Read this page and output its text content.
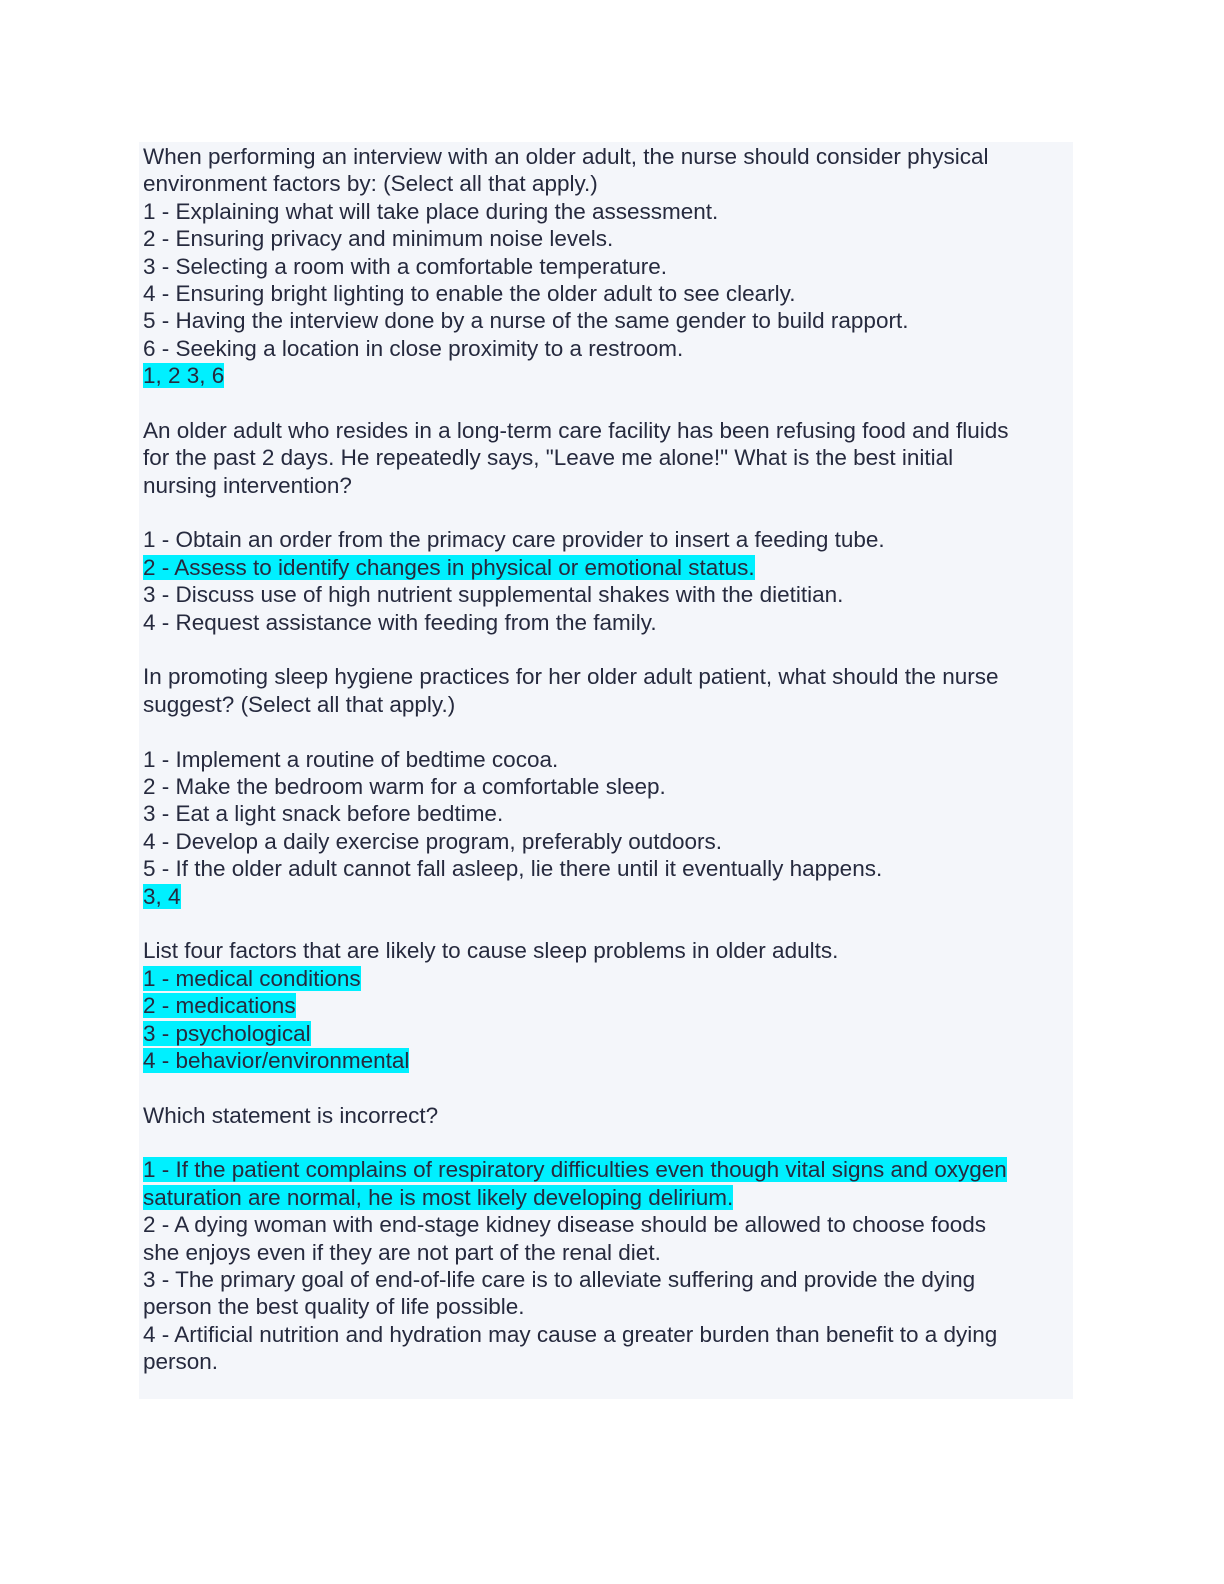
When performing an interview with an older adult, the nurse should consider physical
environment factors by: (Select all that apply.)
1 - Explaining what will take place during the assessment.
2 - Ensuring privacy and minimum noise levels.
3 - Selecting a room with a comfortable temperature.
4 - Ensuring bright lighting to enable the older adult to see clearly.
5 - Having the interview done by a nurse of the same gender to build rapport.
6 - Seeking a location in close proximity to a restroom.
1, 2 3, 6
An older adult who resides in a long-term care facility has been refusing food and fluids
for the past 2 days. He repeatedly says, "Leave me alone!" What is the best initial
nursing intervention?
1 - Obtain an order from the primacy care provider to insert a feeding tube.
2 - Assess to identify changes in physical or emotional status.
3 - Discuss use of high nutrient supplemental shakes with the dietitian.
4 - Request assistance with feeding from the family.
In promoting sleep hygiene practices for her older adult patient, what should the nurse
suggest? (Select all that apply.)
1 - Implement a routine of bedtime cocoa.
2 - Make the bedroom warm for a comfortable sleep.
3 - Eat a light snack before bedtime.
4 - Develop a daily exercise program, preferably outdoors.
5 - If the older adult cannot fall asleep, lie there until it eventually happens.
3, 4
List four factors that are likely to cause sleep problems in older adults.
1 - medical conditions
2 - medications
3 - psychological
4 - behavior/environmental
Which statement is incorrect?
1 - If the patient complains of respiratory difficulties even though vital signs and oxygen
saturation are normal, he is most likely developing delirium.
2 - A dying woman with end-stage kidney disease should be allowed to choose foods
she enjoys even if they are not part of the renal diet.
3 - The primary goal of end-of-life care is to alleviate suffering and provide the dying
person the best quality of life possible.
4 - Artificial nutrition and hydration may cause a greater burden than benefit to a dying
person.
